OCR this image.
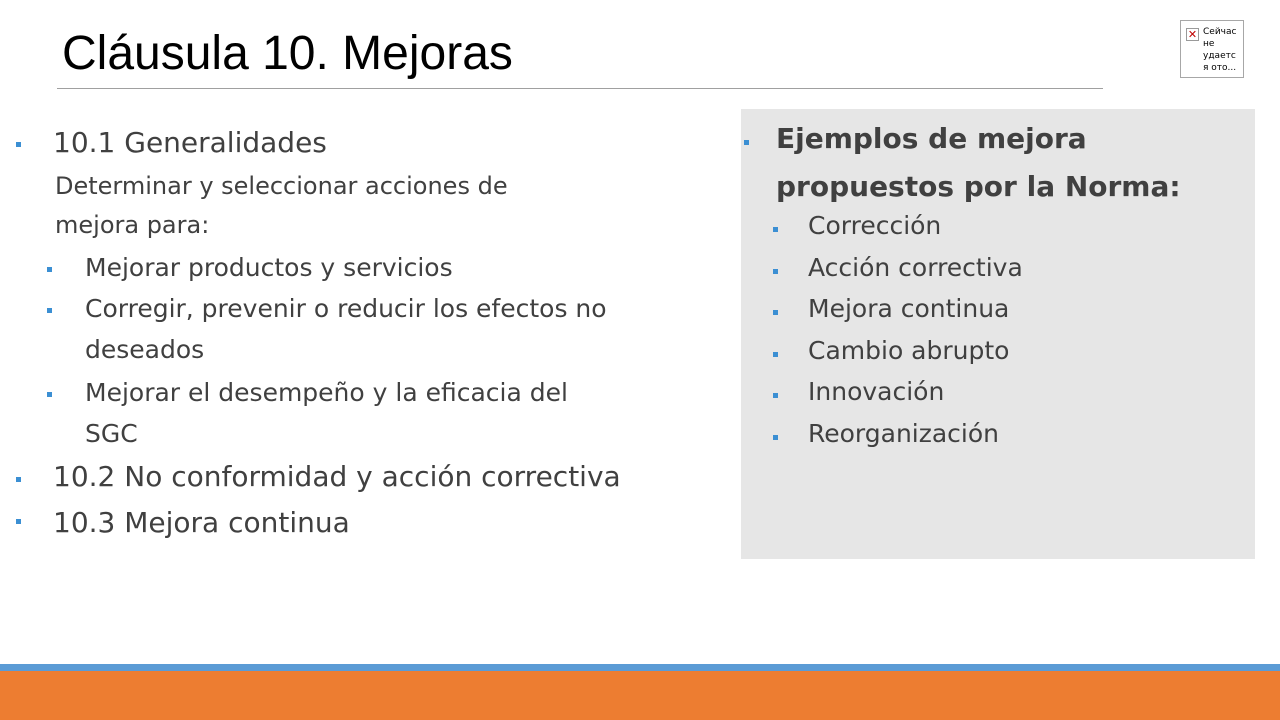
Cláusula 10. Mejoras	✕ Сейчас не удаетс я ото...
10.1 Generalidades
Determinar y seleccionar acciones de
mejora para:
Mejorar productos y servicios
Corregir, prevenir o reducir los efectos no
deseados
Mejorar el desempeño y la eficacia del
SGC
10.2 No conformidad y acción correctiva
10.3 Mejora continua
Ejemplos de mejora
propuestos por la Norma:
Corrección
Acción correctiva
Mejora continua
Cambio abrupto
Innovación
Reorganización
